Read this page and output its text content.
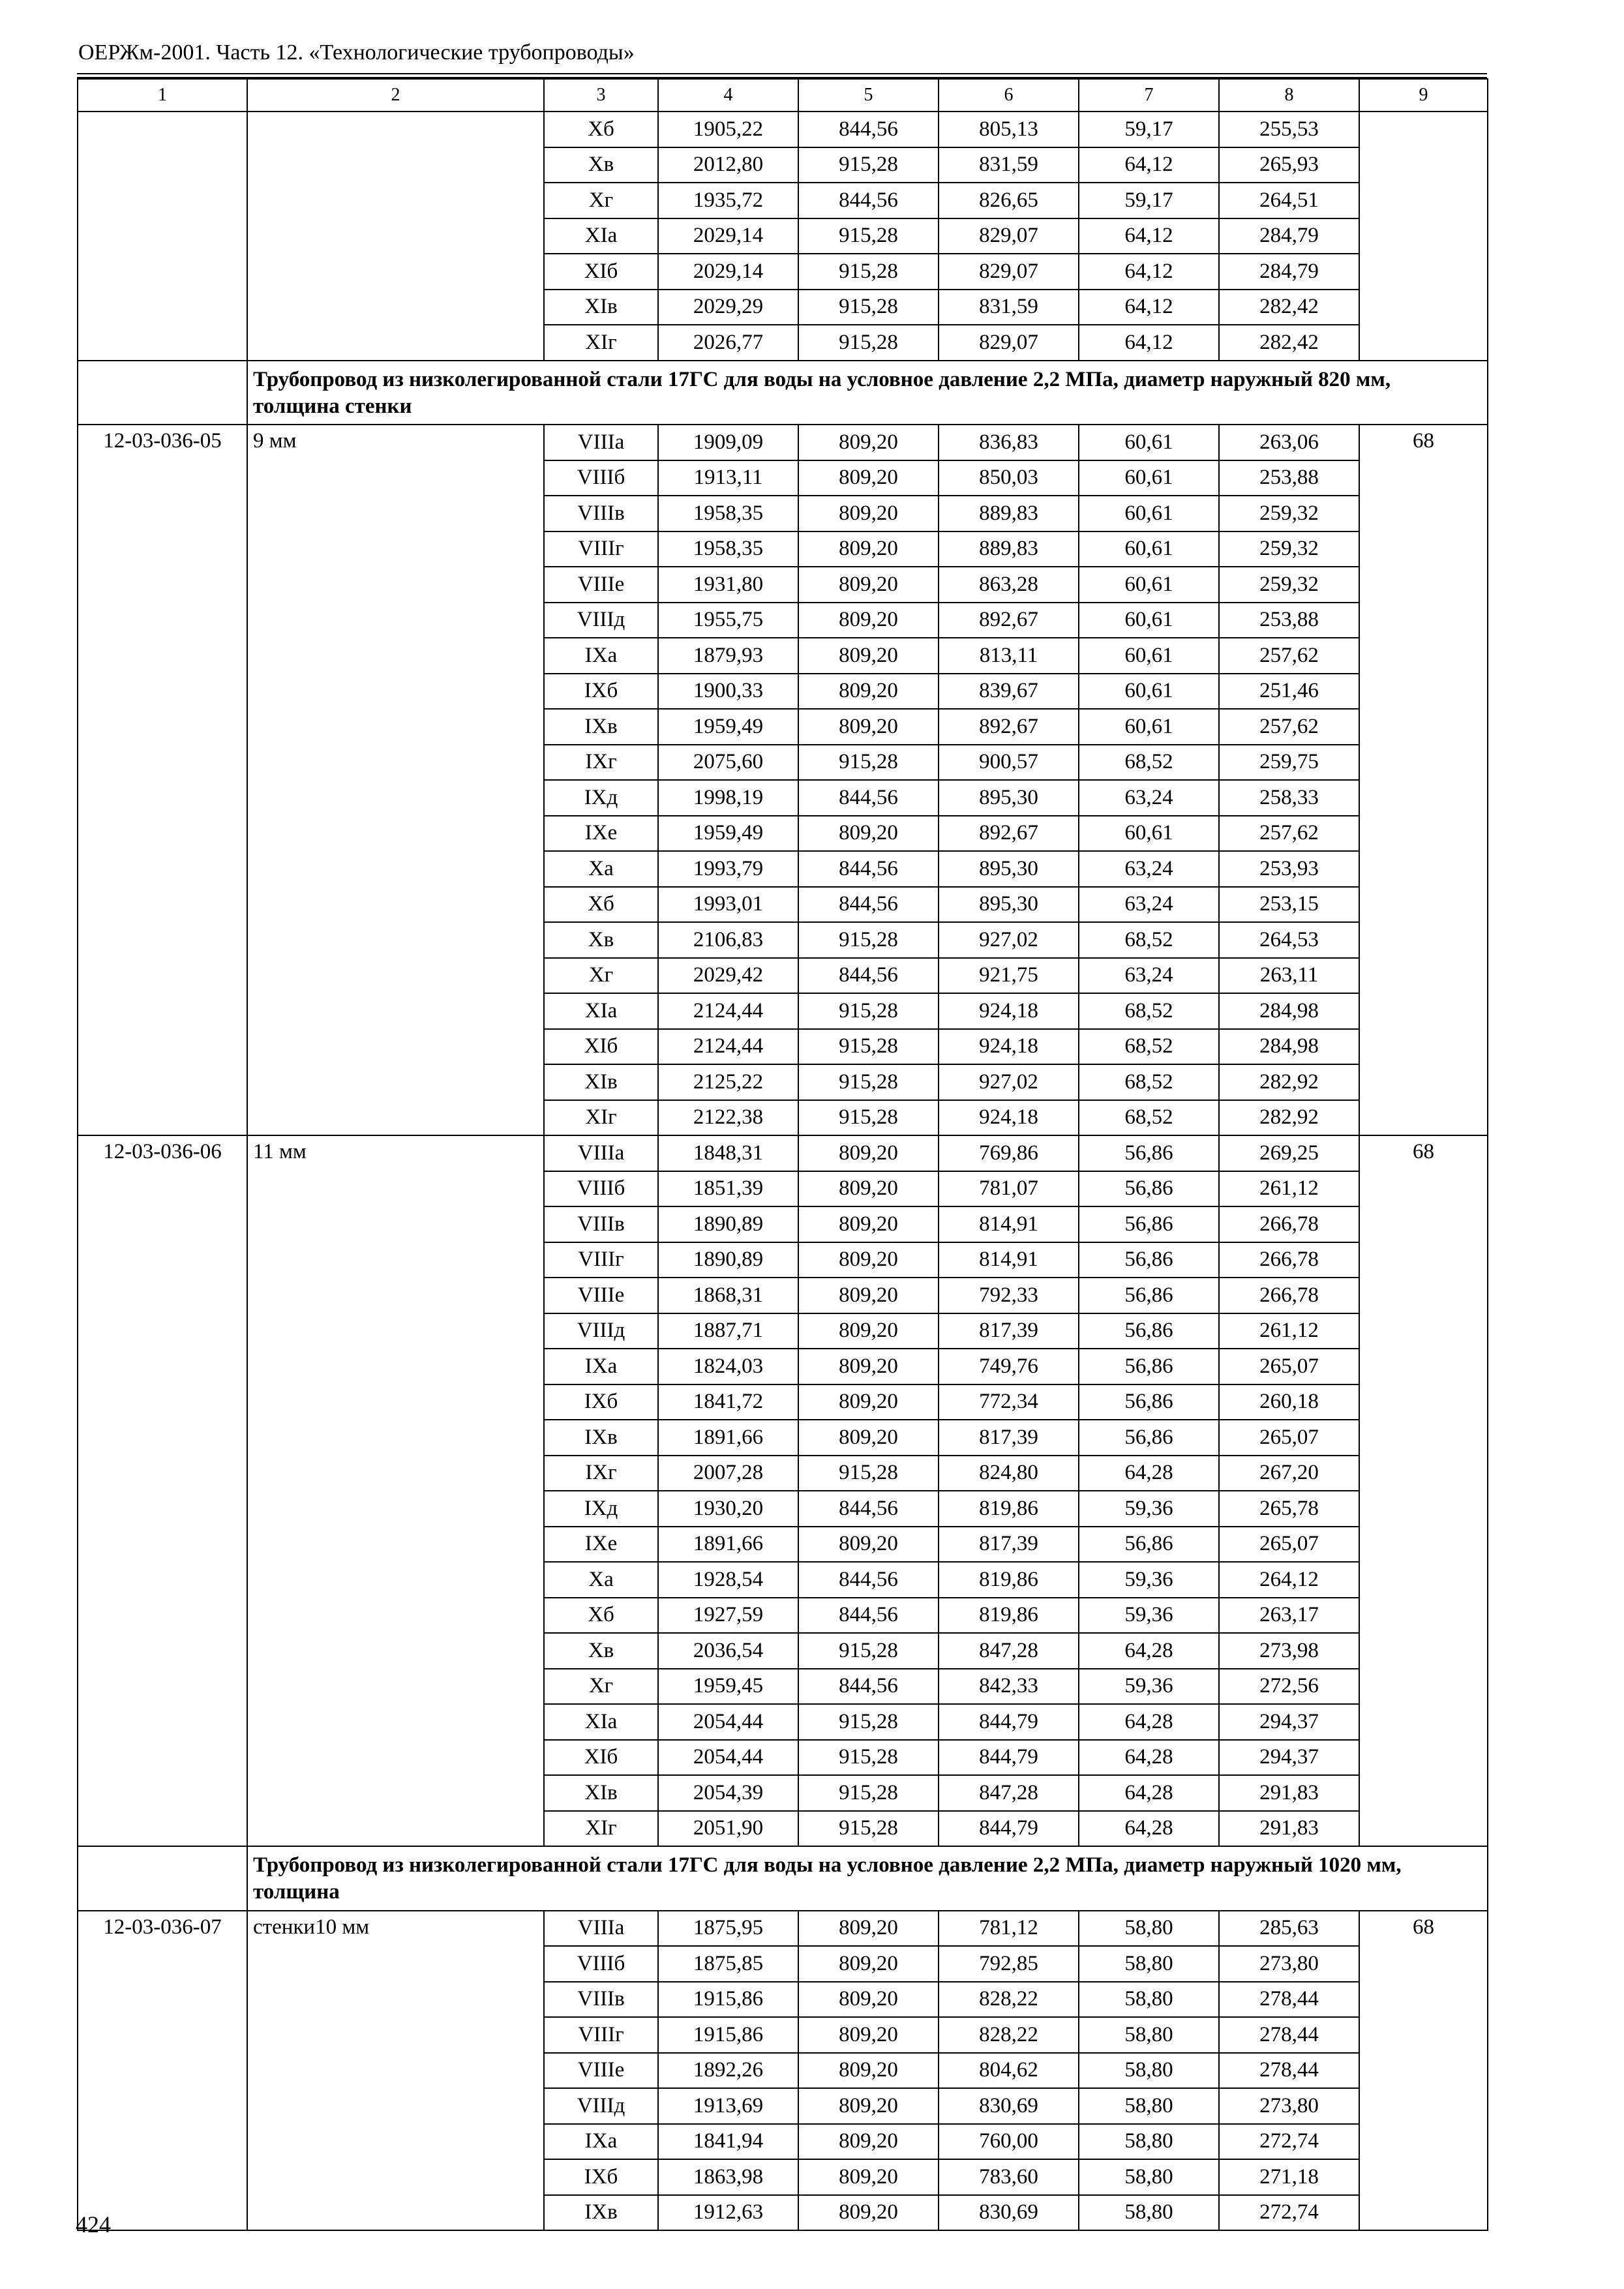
ОЕРЖм-2001. Часть 12. «Технологические трубопроводы»
1	2	3	4	5	6	7	8	9
		Xб	1905,22	844,56	805,13	59,17	255,53	
		Xв	2012,80	915,28	831,59	64,12	265,93	
		Xг	1935,72	844,56	826,65	59,17	264,51	
		XIа	2029,14	915,28	829,07	64,12	284,79	
		XIб	2029,14	915,28	829,07	64,12	284,79	
		XIв	2029,29	915,28	831,59	64,12	282,42	
		XIг	2026,77	915,28	829,07	64,12	282,42	
	Трубопровод из низколегированной стали 17ГС для воды на условное давление 2,2 МПа, диаметр наружный 820 мм, толщина стенки							
12-03-036-05	9 мм	VIIIа	1909,09	809,20	836,83	60,61	263,06	68
		VIIIб	1913,11	809,20	850,03	60,61	253,88	
		VIIIв	1958,35	809,20	889,83	60,61	259,32	
		VIIIг	1958,35	809,20	889,83	60,61	259,32	
		VIIIе	1931,80	809,20	863,28	60,61	259,32	
		VIIIд	1955,75	809,20	892,67	60,61	253,88	
		IXа	1879,93	809,20	813,11	60,61	257,62	
		IXб	1900,33	809,20	839,67	60,61	251,46	
		IXв	1959,49	809,20	892,67	60,61	257,62	
		IXг	2075,60	915,28	900,57	68,52	259,75	
		IXд	1998,19	844,56	895,30	63,24	258,33	
		IXе	1959,49	809,20	892,67	60,61	257,62	
		Xа	1993,79	844,56	895,30	63,24	253,93	
		Xб	1993,01	844,56	895,30	63,24	253,15	
		Xв	2106,83	915,28	927,02	68,52	264,53	
		Xг	2029,42	844,56	921,75	63,24	263,11	
		XIа	2124,44	915,28	924,18	68,52	284,98	
		XIб	2124,44	915,28	924,18	68,52	284,98	
		XIв	2125,22	915,28	927,02	68,52	282,92	
		XIг	2122,38	915,28	924,18	68,52	282,92	
12-03-036-06	11 мм	VIIIа	1848,31	809,20	769,86	56,86	269,25	68
		VIIIб	1851,39	809,20	781,07	56,86	261,12	
		VIIIв	1890,89	809,20	814,91	56,86	266,78	
		VIIIг	1890,89	809,20	814,91	56,86	266,78	
		VIIIе	1868,31	809,20	792,33	56,86	266,78	
		VIIIд	1887,71	809,20	817,39	56,86	261,12	
		IXа	1824,03	809,20	749,76	56,86	265,07	
		IXб	1841,72	809,20	772,34	56,86	260,18	
		IXв	1891,66	809,20	817,39	56,86	265,07	
		IXг	2007,28	915,28	824,80	64,28	267,20	
		IXд	1930,20	844,56	819,86	59,36	265,78	
		IXе	1891,66	809,20	817,39	56,86	265,07	
		Xа	1928,54	844,56	819,86	59,36	264,12	
		Xб	1927,59	844,56	819,86	59,36	263,17	
		Xв	2036,54	915,28	847,28	64,28	273,98	
		Xг	1959,45	844,56	842,33	59,36	272,56	
		XIа	2054,44	915,28	844,79	64,28	294,37	
		XIб	2054,44	915,28	844,79	64,28	294,37	
		XIв	2054,39	915,28	847,28	64,28	291,83	
		XIг	2051,90	915,28	844,79	64,28	291,83	
	Трубопровод из низколегированной стали 17ГС для воды на условное давление 2,2 МПа, диаметр наружный 1020 мм, толщина							
12-03-036-07	стенки10 мм	VIIIа	1875,95	809,20	781,12	58,80	285,63	68
		VIIIб	1875,85	809,20	792,85	58,80	273,80	
		VIIIв	1915,86	809,20	828,22	58,80	278,44	
		VIIIг	1915,86	809,20	828,22	58,80	278,44	
		VIIIе	1892,26	809,20	804,62	58,80	278,44	
		VIIIд	1913,69	809,20	830,69	58,80	273,80	
		IXа	1841,94	809,20	760,00	58,80	272,74	
		IXб	1863,98	809,20	783,60	58,80	271,18	
		IXв	1912,63	809,20	830,69	58,80	272,74	
424
